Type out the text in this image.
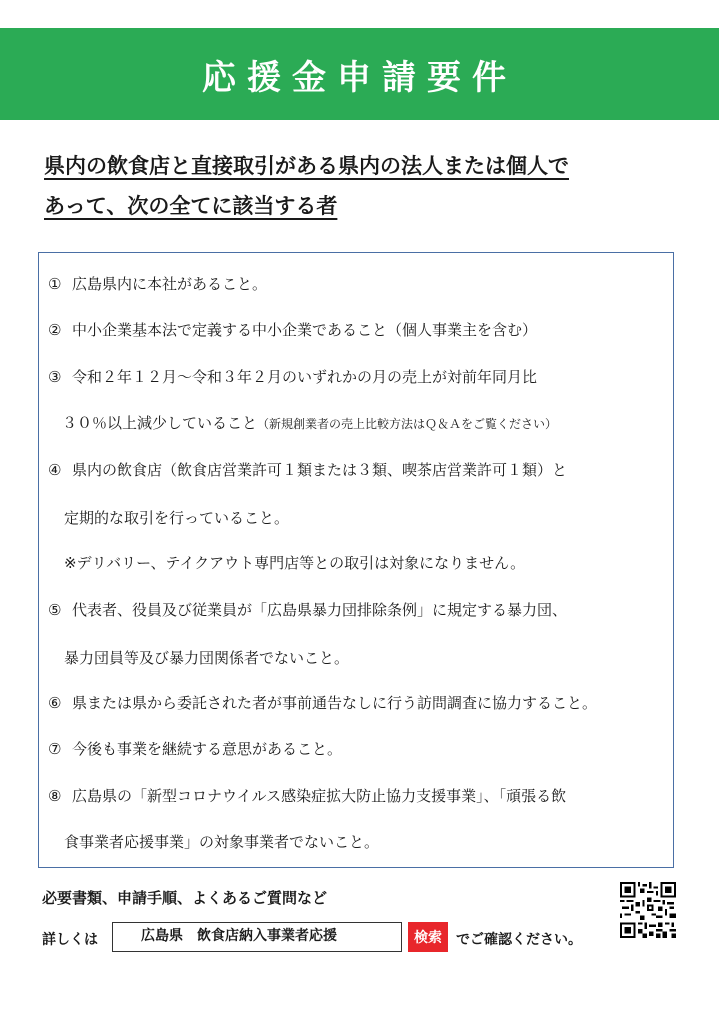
応援金申請要件
県内の飲食店と直接取引がある県内の法人または個人で
あって、次の全てに該当する者
① 広島県内に本社があること。
② 中小企業基本法で定義する中小企業であること（個人事業主を含む）
③ 令和２年１２月～令和３年２月のいずれかの月の売上が対前年同月比
３０％以上減少していること（新規創業者の売上比較方法はＱ＆Ａをご覧ください）
④ 県内の飲食店（飲食店営業許可１類または３類、喫茶店営業許可１類）と
定期的な取引を行っていること。
※デリバリー、テイクアウト専門店等との取引は対象になりません。
⑤ 代表者、役員及び従業員が「広島県暴力団排除条例」に規定する暴力団、
暴力団員等及び暴力団関係者でないこと。
⑥ 県または県から委託された者が事前通告なしに行う訪問調査に協力すること。
⑦ 今後も事業を継続する意思があること。
⑧ 広島県の「新型コロナウイルス感染症拡大防止協力支援事業」、「頑張る飲
食事業者応援事業」の対象事業者でないこと。
必要書類、申請手順、よくあるご質問など
詳しくは	広島県　飲食店納入事業者応援	検索	でご確認ください。
